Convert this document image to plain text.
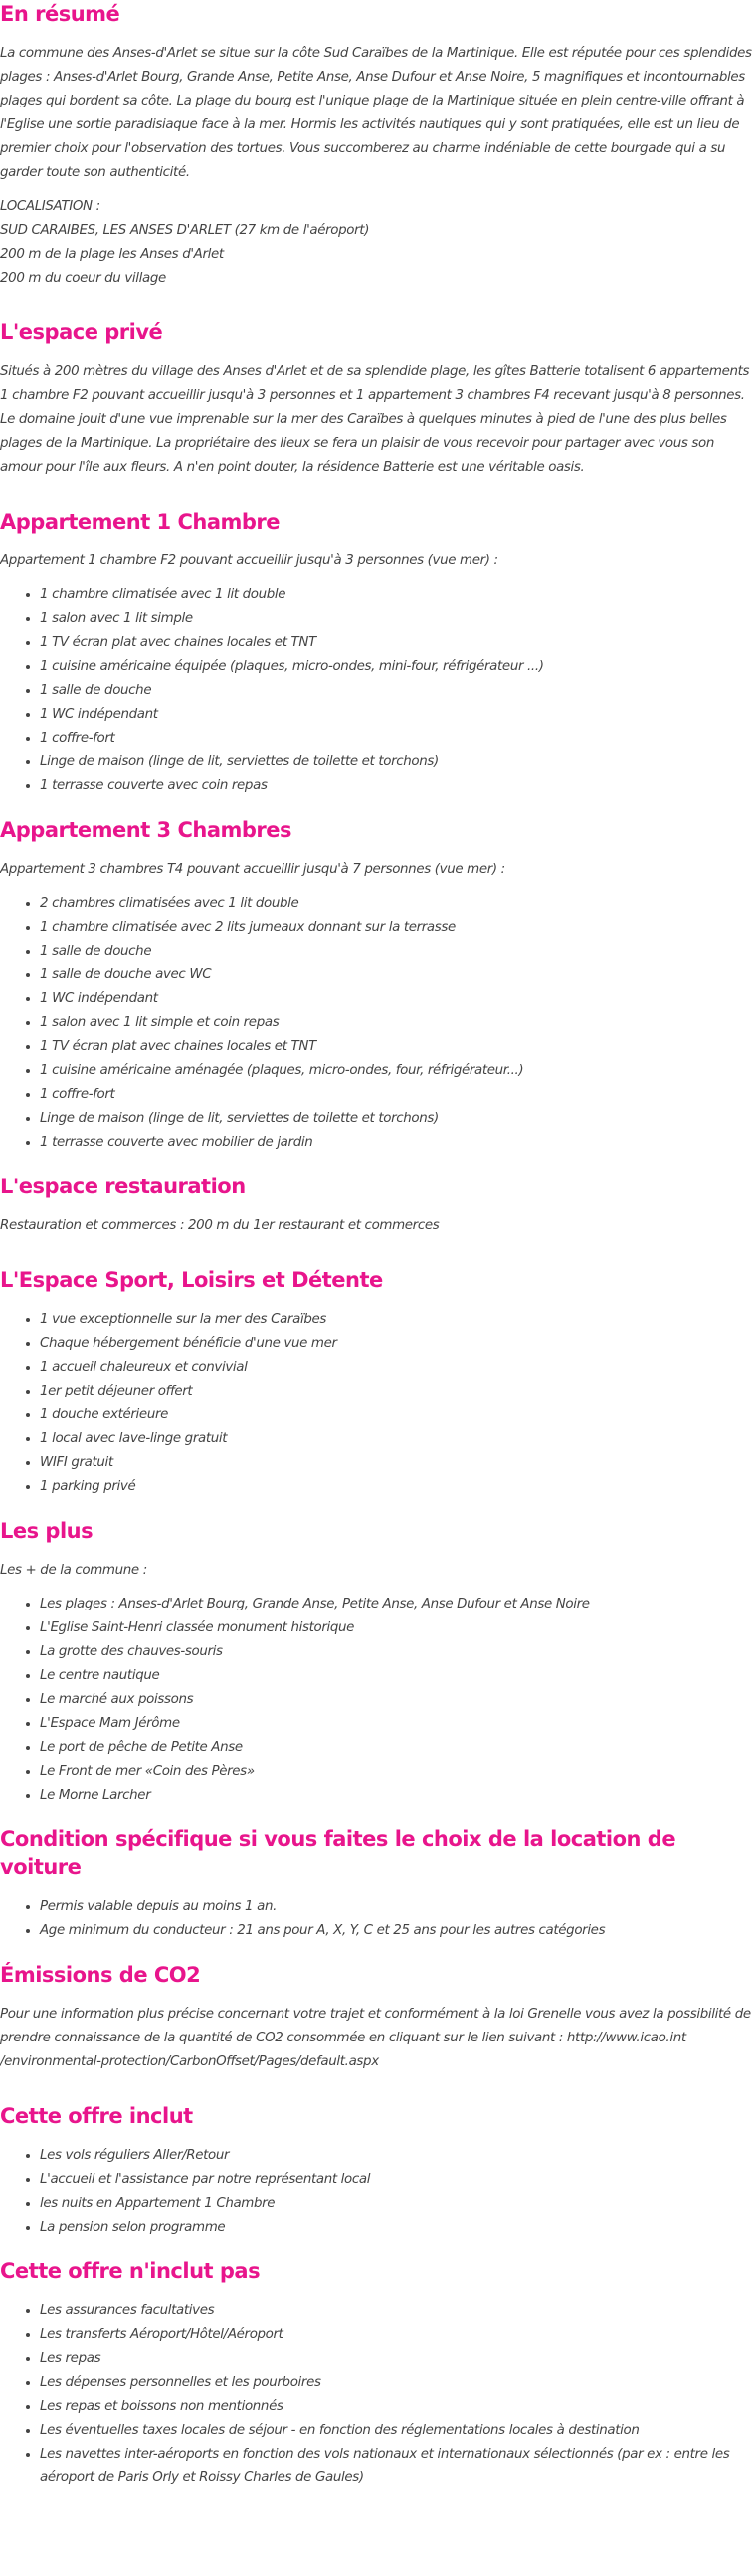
En résumé

La commune des Anses-d'Arlet se situe sur la côte Sud Caraïbes de la Martinique. Elle est réputée pour ces splendides plages : Anses-d'Arlet Bourg, Grande Anse, Petite Anse, Anse Dufour et Anse Noire, 5 magnifiques et incontournables plages qui bordent sa côte. La plage du bourg est l'unique plage de la Martinique située en plein centre-ville offrant à l'Eglise une sortie paradisiaque face à la mer. Hormis les activités nautiques qui y sont pratiquées, elle est un lieu de premier choix pour l'observation des tortues. Vous succomberez au charme indéniable de cette bourgade qui a su garder toute son authenticité.

LOCALISATION :
SUD CARAIBES, LES ANSES D'ARLET (27 km de l'aéroport)
200 m de la plage les Anses d'Arlet
200 m du coeur du village

L'espace privé

Situés à 200 mètres du village des Anses d'Arlet et de sa splendide plage, les gîtes Batterie totalisent 6 appartements 1 chambre F2 pouvant accueillir jusqu'à 3 personnes et 1 appartement 3 chambres F4 recevant jusqu'à 8 personnes. Le domaine jouit d'une vue imprenable sur la mer des Caraïbes à quelques minutes à pied de l'une des plus belles plages de la Martinique. La propriétaire des lieux se fera un plaisir de vous recevoir pour partager avec vous son amour pour l'île aux fleurs. A n'en point douter, la résidence Batterie est une véritable oasis.

Appartement 1 Chambre

Appartement 1 chambre F2 pouvant accueillir jusqu'à 3 personnes (vue mer) :

• 1 chambre climatisée avec 1 lit double
• 1 salon avec 1 lit simple
• 1 TV écran plat avec chaines locales et TNT
• 1 cuisine américaine équipée (plaques, micro-ondes, mini-four, réfrigérateur ...)
• 1 salle de douche
• 1 WC indépendant
• 1 coffre-fort
• Linge de maison (linge de lit, serviettes de toilette et torchons)
• 1 terrasse couverte avec coin repas
Appartement 3 Chambres

Appartement 3 chambres T4 pouvant accueillir jusqu'à 7 personnes (vue mer) :

• 2 chambres climatisées avec 1 lit double
• 1 chambre climatisée avec 2 lits jumeaux donnant sur la terrasse
• 1 salle de douche
• 1 salle de douche avec WC
• 1 WC indépendant
• 1 salon avec 1 lit simple et coin repas
• 1 TV écran plat avec chaines locales et TNT
• 1 cuisine américaine aménagée (plaques, micro-ondes, four, réfrigérateur...)
• 1 coffre-fort
• Linge de maison (linge de lit, serviettes de toilette et torchons)
• 1 terrasse couverte avec mobilier de jardin
L'espace restauration

Restauration et commerces : 200 m du 1er restaurant et commerces

L'Espace Sport, Loisirs et Détente
• 1 vue exceptionnelle sur la mer des Caraïbes
• Chaque hébergement bénéficie d'une vue mer
• 1 accueil chaleureux et convivial
• 1er petit déjeuner offert
• 1 douche extérieure
• 1 local avec lave-linge gratuit
• WIFI gratuit
• 1 parking privé
Les plus

Les + de la commune :

• Les plages : Anses-d'Arlet Bourg, Grande Anse, Petite Anse, Anse Dufour et Anse Noire
• L'Eglise Saint-Henri classée monument historique
• La grotte des chauves-souris
• Le centre nautique
• Le marché aux poissons
• L'Espace Mam Jérôme
• Le port de pêche de Petite Anse
• Le Front de mer «Coin des Pères»
• Le Morne Larcher
Condition spécifique si vous faites le choix de la location de voiture
• Permis valable depuis au moins 1 an.
• Age minimum du conducteur : 21 ans pour A, X, Y, C et 25 ans pour les autres catégories
Émissions de CO2

Pour une information plus précise concernant votre trajet et conformément à la loi Grenelle vous avez la possibilité de prendre connaissance de la quantité de CO2 consommée en cliquant sur le lien suivant : http://www.icao.int /environmental-protection/CarbonOffset/Pages/default.aspx

Cette offre inclut
• Les vols réguliers Aller/Retour
• L'accueil et l'assistance par notre représentant local
• les nuits en Appartement 1 Chambre
• La pension selon programme
Cette offre n'inclut pas
• Les assurances facultatives
• Les transferts Aéroport/Hôtel/Aéroport
• Les repas
• Les dépenses personnelles et les pourboires
• Les repas et boissons non mentionnés
• Les éventuelles taxes locales de séjour - en fonction des réglementations locales à destination
• Les navettes inter-aéroports en fonction des vols nationaux et internationaux sélectionnés (par ex : entre les aéroport de Paris Orly et Roissy Charles de Gaules)
